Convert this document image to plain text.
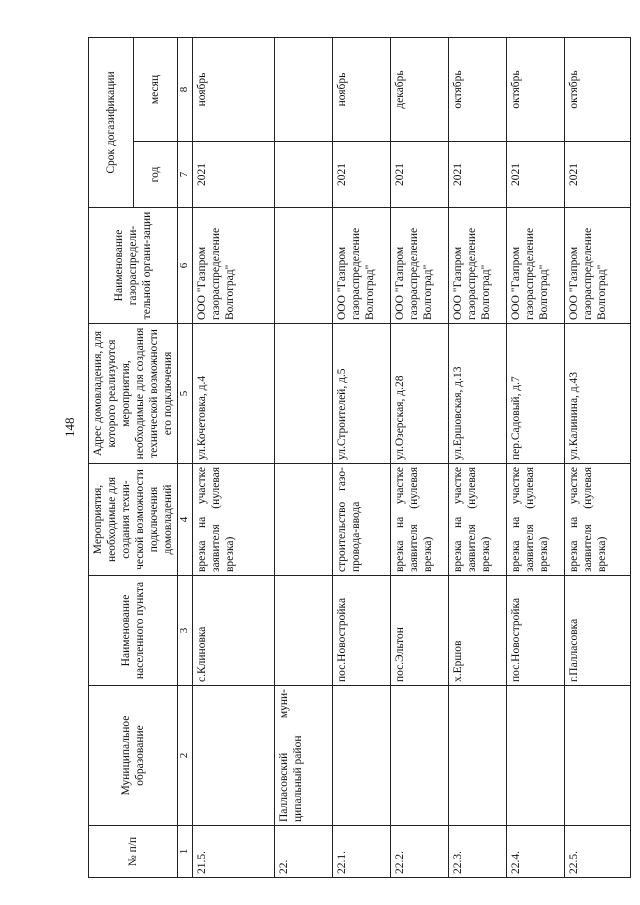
148
№ п/п	Муниципальное образование	Наименование населенного пункта	Мероприятия, необходимые для создания техни-ческой возможности подключения домовладений	Адрес домовладения, для которого реализуются мероприятия, необходимые для создания технической возможности его подключения	Наименование газораспредели-тельной органи-зации	Срок догазификации	
						год	месяц
1	2	3	4	5	6	7	8
21.5.		с.Клиновка	врезка на участке заявителя (нулевая врезка)	ул.Кочетовка, д.4	ООО "Газпром газораспределение Волгоград"	2021	ноябрь
22.	Палласовский муни-ципальный район						
22.1.		пос.Новостройка	строительство газо-провода-ввода	ул.Строителей, д.5	ООО "Газпром газораспределение Волгоград"	2021	ноябрь
22.2.		пос.Эльтон	врезка на участке заявителя (нулевая врезка)	ул.Озерская, д.28	ООО "Газпром газораспределение Волгоград"	2021	декабрь
22.3.		х.Ершов	врезка на участке заявителя (нулевая врезка)	ул.Ершовская, д.13	ООО "Газпром газораспределение Волгоград"	2021	октябрь
22.4.		пос.Новостройка	врезка на участке заявителя (нулевая врезка)	пер.Садовый, д.7	ООО "Газпром газораспределение Волгоград"	2021	октябрь
22.5.		г.Палласовка	врезка на участке заявителя (нулевая врезка)	ул.Калинина, д.43	ООО "Газпром газораспределение Волгоград"	2021	октябрь
